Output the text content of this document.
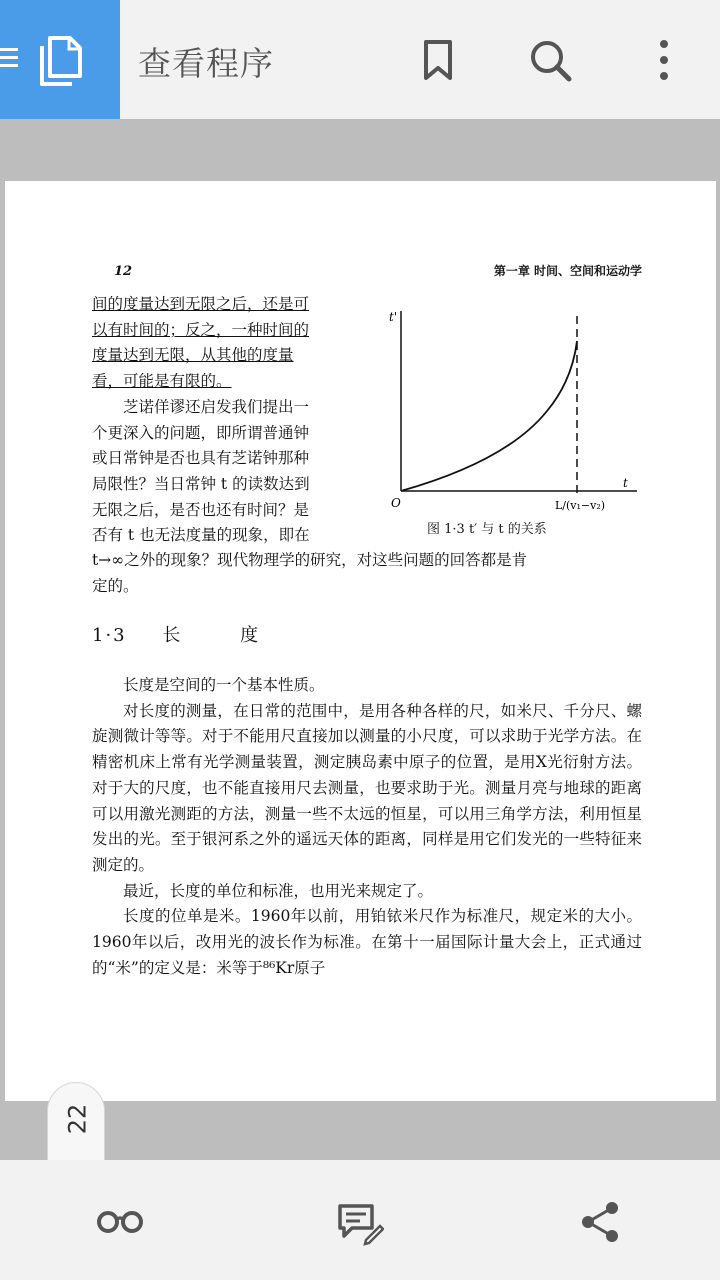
查看程序
12	第一章 时间、空间和运动学

间的度量达到无限之后，还是可

以有时间的；反之，一种时间的

度量达到无限，从其他的度量

看，可能是有限的。

　　芝诺佯谬还启发我们提出一

个更深入的问题，即所谓普通钟

或日常钟是否也具有芝诺钟那种

局限性？当日常钟 t 的读数达到

无限之后，是否也还有时间？是

否有 t 也无法度量的现象，即在

t'
t
O	L/(v₁−v₂)
图 1·3 t′ 与 t 的关系

t→∞之外的现象？现代物理学的研究，对这些问题的回答都是肯

定的。

1·3 长	度

长度是空间的一个基本性质。

对长度的测量，在日常的范围中，是用各种各样的尺，如米尺、千分尺、螺旋测微计等等。对于不能用尺直接加以测量的小尺度，可以求助于光学方法。在精密机床上常有光学测量装置，测定胰岛素中原子的位置，是用X光衍射方法。对于大的尺度，也不能直接用尺去测量，也要求助于光。测量月亮与地球的距离可以用激光测距的方法，测量一些不太远的恒星，可以用三角学方法，利用恒星发出的光。至于银河系之外的遥远天体的距离，同样是用它们发光的一些特征来测定的。

最近，长度的单位和标准，也用光来规定了。

长度的位单是米。1960年以前，用铂铱米尺作为标准尺，规定米的大小。1960年以后，改用光的波长作为标准。在第十一届国际计量大会上，正式通过的“米”的定义是：米等于⁸⁶Kr原子

22
